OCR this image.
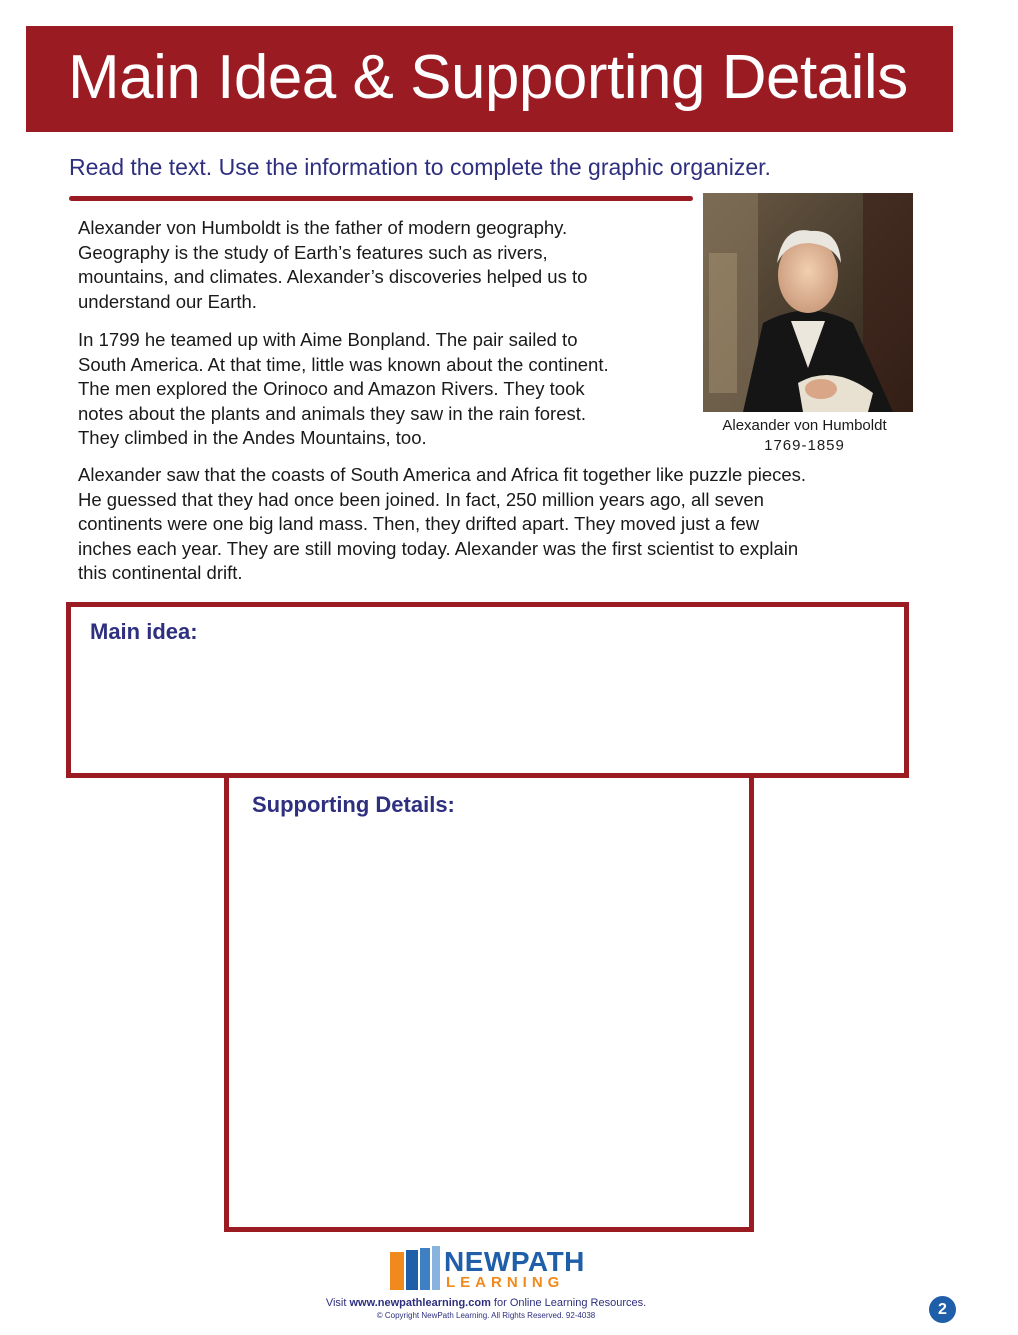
Main Idea & Supporting Details
Read the text. Use the information to complete the graphic organizer.

Alexander von Humboldt is the father of modern geography.
Geography is the study of Earth’s features such as rivers,
mountains, and climates. Alexander’s discoveries helped us to
understand our Earth.

In 1799 he teamed up with Aime Bonpland. The pair sailed to
South America. At that time, little was known about the continent.
The men explored the Orinoco and Amazon Rivers. They took
notes about the plants and animals they saw in the rain forest.
They climbed in the Andes Mountains, too.

Alexander von Humboldt
1769-1859

Alexander saw that the coasts of South America and Africa fit together like puzzle pieces.
He guessed that they had once been joined. In fact, 250 million years ago, all seven
continents were one big land mass. Then, they drifted apart. They moved just a few
inches each year. They are still moving today. Alexander was the first scientist to explain
this continental drift.

Main idea:
Supporting Details:
NEWPATH
LEARNING
Visit www.newpathlearning.com for Online Learning Resources.
© Copyright NewPath Learning. All Rights Reserved. 92-4038	2
